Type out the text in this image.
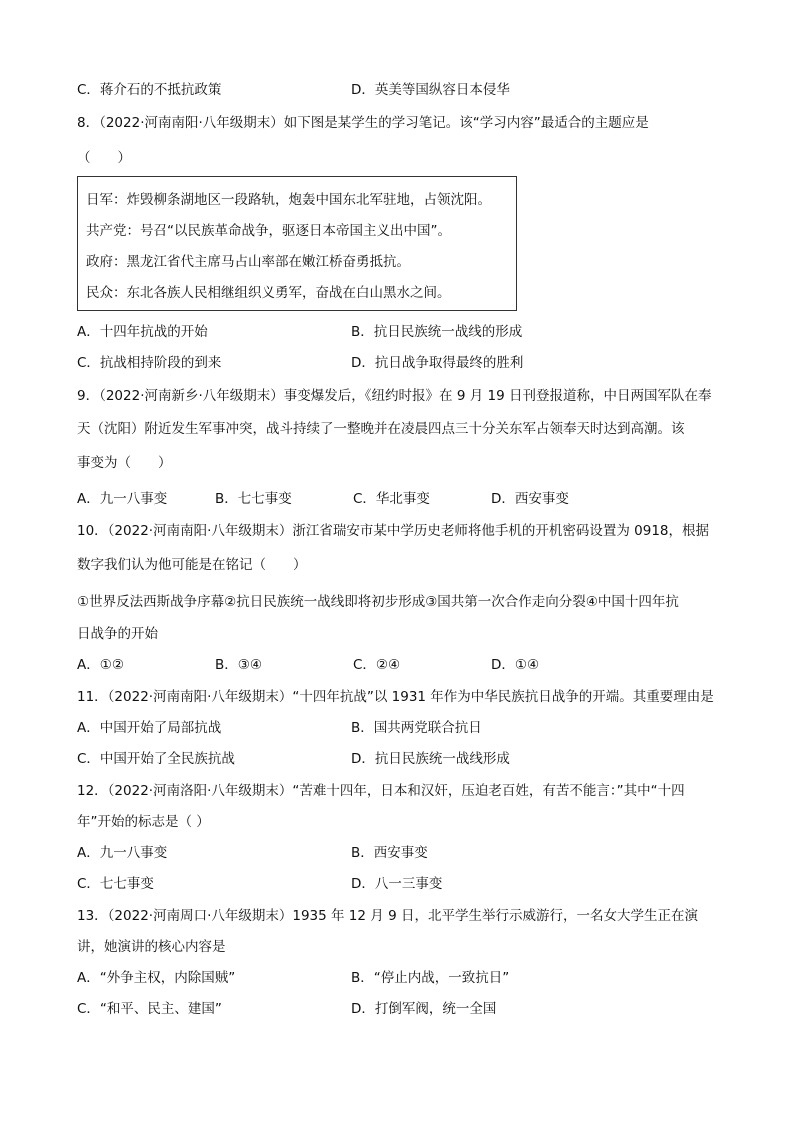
C．蒋介石的不抵抗政策	D．英美等国纵容日本侵华
8．（2022·河南南阳·八年级期末）如下图是某学生的学习笔记。该“学习内容”最适合的主题应是
（　　）
日军：炸毁柳条湖地区一段路轨，炮轰中国东北军驻地，占领沈阳。
共产党：号召“以民族革命战争，驱逐日本帝国主义出中国”。
政府：黑龙江省代主席马占山率部在嫩江桥奋勇抵抗。
民众：东北各族人民相继组织义勇军，奋战在白山黑水之间。
A．十四年抗战的开始	B．抗日民族统一战线的形成
C．抗战相持阶段的到来	D．抗日战争取得最终的胜利
9．（2022·河南新乡·八年级期末）事变爆发后，《纽约时报》在 9 月 19 日刊登报道称，中日两国军队在奉
天（沈阳）附近发生军事冲突，战斗持续了一整晚并在凌晨四点三十分关东军占领奉天时达到高潮。该
事变为（　　）
A．九一八事变	B．七七事变	C．华北事变	D．西安事变
10．（2022·河南南阳·八年级期末）浙江省瑞安市某中学历史老师将他手机的开机密码设置为 0918，根据
数字我们认为他可能是在铭记（　　）
①世界反法西斯战争序幕②抗日民族统一战线即将初步形成③国共第一次合作走向分裂④中国十四年抗
日战争的开始
A．①②	B．③④	C．②④	D．①④
11．（2022·河南南阳·八年级期末）“十四年抗战”以 1931 年作为中华民族抗日战争的开端。其重要理由是
A．中国开始了局部抗战	B．国共两党联合抗日
C．中国开始了全民族抗战	D．抗日民族统一战线形成
12．（2022·河南洛阳·八年级期末）“苦难十四年，日本和汉奸，压迫老百姓，有苦不能言：”其中“十四
年”开始的标志是（ ）
A．九一八事变	B．西安事变
C．七七事变	D．八一三事变
13．（2022·河南周口·八年级期末）1935 年 12 月 9 日，北平学生举行示威游行，一名女大学生正在演
讲，她演讲的核心内容是
A．“外争主权，内除国贼”	B．“停止内战，一致抗日”
C．“和平、民主、建国”	D．打倒军阀，统一全国
